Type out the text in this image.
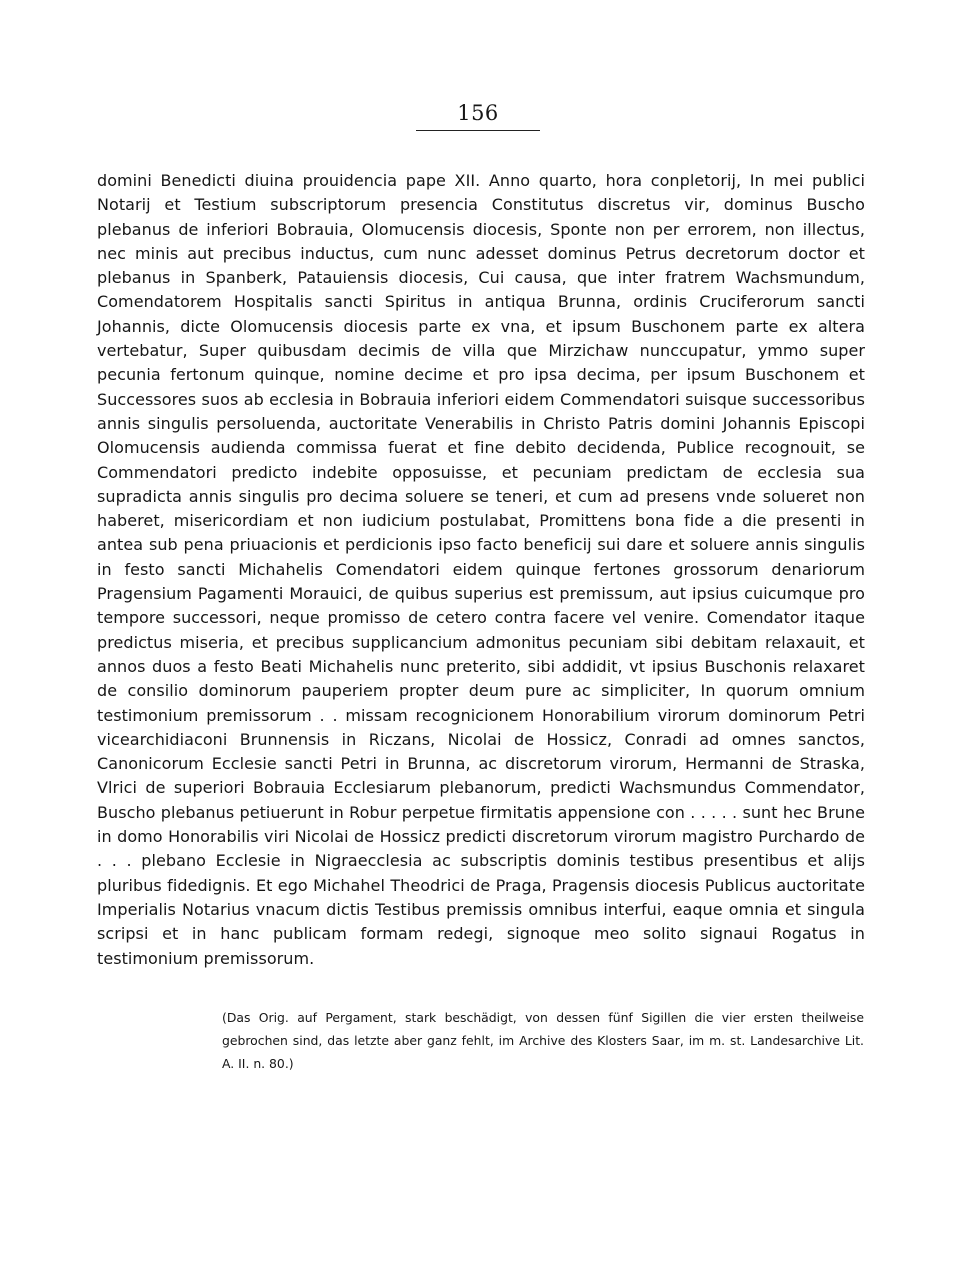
156

domini Benedicti diuina prouidencia pape XII. Anno quarto, hora conpletorij, In mei publici Notarij et Testium subscriptorum presencia Constitutus discretus vir, dominus Buscho plebanus de inferiori Bobrauia, Olomucensis diocesis, Sponte non per errorem, non illectus, nec minis aut precibus inductus, cum nunc adesset dominus Petrus decretorum doctor et plebanus in Spanberk, Patauiensis diocesis, Cui causa, que inter fratrem Wachsmundum, Comendatorem Hospitalis sancti Spiritus in antiqua Brunna, ordinis Cruciferorum sancti Johannis, dicte Olomucensis diocesis parte ex vna, et ipsum Buschonem parte ex altera vertebatur, Super quibusdam decimis de villa que Mirzichaw nunccupatur, ymmo super pecunia fertonum quinque, nomine decime et pro ipsa decima, per ipsum Buschonem et Successores suos ab ecclesia in Bobrauia inferiori eidem Commendatori suisque successoribus annis singulis persoluenda, auctoritate Venerabilis in Christo Patris domini Johannis Episcopi Olomucensis audienda commissa fuerat et fine debito decidenda, Publice recognouit, se Commendatori predicto indebite opposuisse, et pecuniam predictam de ecclesia sua supradicta annis singulis pro decima soluere se teneri, et cum ad presens vnde solueret non haberet, misericordiam et non iudicium postulabat, Promittens bona fide a die presenti in antea sub pena priuacionis et perdicionis ipso facto beneficij sui dare et soluere annis singulis in festo sancti Michahelis Comendatori eidem quinque fertones grossorum denariorum Pragensium Pagamenti Morauici, de quibus superius est premissum, aut ipsius cuicumque pro tempore successori, neque promisso de cetero contra facere vel venire. Comendator itaque predictus miseria, et precibus supplicancium admonitus pecuniam sibi debitam relaxauit, et annos duos a festo Beati Michahelis nunc preterito, sibi addidit, vt ipsius Buschonis relaxaret de consilio dominorum pauperiem propter deum pure ac simpliciter, In quorum omnium testimonium premissorum . . missam recognicionem Honorabilium virorum dominorum Petri vicearchidiaconi Brunnensis in Riczans, Nicolai de Hossicz, Conradi ad omnes sanctos, Canonicorum Ecclesie sancti Petri in Brunna, ac discretorum virorum, Hermanni de Straska, Vlrici de superiori Bobrauia Ecclesiarum plebanorum, predicti Wachsmundus Commendator, Buscho plebanus petiuerunt in Robur perpetue firmitatis appensione con . . . . . sunt hec Brune in domo Honorabilis viri Nicolai de Hossicz predicti discretorum virorum magistro Purchardo de . . . plebano Ecclesie in Nigraecclesia ac subscriptis dominis testibus presentibus et alijs pluribus fidedignis. Et ego Michahel Theodrici de Praga, Pragensis diocesis Publicus auctoritate Imperialis Notarius vnacum dictis Testibus premissis omnibus interfui, eaque omnia et singula scripsi et in hanc publicam formam redegi, signoque meo solito signaui Rogatus in testimonium premissorum.

(Das Orig. auf Pergament, stark beschädigt, von dessen fünf Sigillen die vier ersten theilweise gebrochen sind, das letzte aber ganz fehlt, im Archive des Klosters Saar, im m. st. Landesarchive Lit. A. II. n. 80.)
